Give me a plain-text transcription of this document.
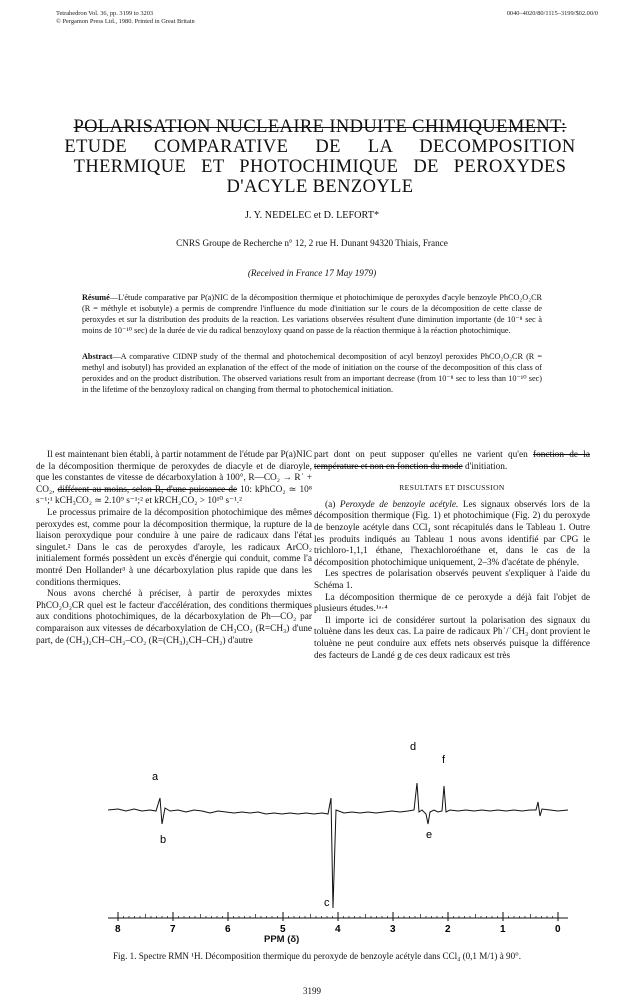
Tetrahedron Vol. 36, pp. 3199 to 3203
© Pergamon Press Ltd., 1980. Printed in Great Britain
0040–4020/80/1115–3199/$02.00/0
POLARISATION NUCLEAIRE INDUITE CHIMIQUEMENT:
ETUDE COMPARATIVE DE LA DECOMPOSITION
THERMIQUE ET PHOTOCHIMIQUE DE PEROXYDES
D'ACYLE BENZOYLE
J. Y. NEDELEC et D. LEFORT*
CNRS Groupe de Recherche n° 12, 2 rue H. Dunant 94320 Thiais, France
(Received in France 17 May 1979)
Résumé—L'étude comparative par P(a)NIC de la décomposition thermique et photochimique de peroxydes d'acyle benzoyle PhCO₂O₂CR (R = méthyle et isobutyle) a permis de comprendre l'influence du mode d'initiation sur le cours de la décomposition de cette classe de peroxydes et sur la distribution des produits de la reaction. Les variations observées résultent d'une diminution importante (de 10⁻⁸ sec à moins de 10⁻¹⁰ sec) de la durée de vie du radical benzoyloxy quand on passe de la réaction thermique à la réaction photochimique.
Abstract—A comparative CIDNP study of the thermal and photochemical decomposition of acyl benzoyl peroxides PhCO₂O₂CR (R = methyl and isobutyl) has provided an explanation of the effect of the mode of initiation on the course of the decomposition of this class of peroxides and on the product distribution. The observed variations result from an important decrease (from 10⁻⁸ sec to less than 10⁻¹⁰ sec) in the lifetime of the benzoyloxy radical on changing from thermal to photochemical initiation.

Il est maintenant bien établi, à partir notamment de l'étude par P(a)NIC de la décomposition thermique de peroxydes de diacyle et de diaroyle, que les constantes de vitesse de décarboxylation à 100°, R—CO₂ → R˙ + CO₂, différent au moins, selon R, d'une puissance de 10: kPhCO₂ ≃ 10⁸ s⁻¹;¹ kCH₃CO₂ ≃ 2.10⁹ s⁻¹;² et kRCH₂CO₂ > 10¹⁰ s⁻¹.²

Le processus primaire de la décomposition photochimique des mêmes peroxydes est, comme pour la décomposition thermique, la rupture de la liaison peroxydique pour conduire à une paire de radicaux dans l'état singulet.² Dans le cas de peroxydes d'aroyle, les radicaux ArCO₂ initialement formés possèdent un excès d'énergie qui conduit, comme l'a montré Den Hollander³ à une décarboxylation plus rapide que dans les conditions thermiques.

Nous avons cherché à préciser, à partir de peroxydes mixtes PhCO₂O₂CR quel est le facteur d'accélération, des conditions thermiques aux conditions photochimiques, de la décarboxylation de Ph—CO₂ par comparaison aux vitesses de décarboxylation de CH₃CO₂ (R=CH₃) d'une part, de (CH₃)₂CH–CH₂–CO₂ (R=(CH₃)₂CH–CH₂) d'autre

part dont on peut supposer qu'elles ne varient qu'en fonction de la température et non en fonction du mode d'initiation.

RESULTATS ET DISCUSSION

(a) Peroxyde de benzoyle acétyle. Les signaux observés lors de la décomposition thermique (Fig. 1) et photochimique (Fig. 2) du peroxyde de benzoyle acétyle dans CCl₄ sont récapitulés dans le Tableau 1. Outre les produits indiqués au Tableau 1 nous avons identifié par CPG le trichloro-1,1,1 éthane, l'hexachloroéthane et, dans le cas de la décomposition photochimique uniquement, 2–3% d'acétate de phényle.

Les spectres de polarisation observés peuvent s'expliquer à l'aide du Schéma 1.

La décomposition thermique de ce peroxyde a déjà fait l'objet de plusieurs études.¹ᵃ·⁴

Il importe ici de considérer surtout la polarisation des signaux du toluène dans les deux cas. La paire de radicaux Ph˙/˙CH₃ dont provient le toluène ne peut conduire aux effets nets observés puisque la différence des facteurs de Landé g de ces deux radicaux est très

a
b
c
d
e
f
8	7	6	5	4	3	2	1	0
PPM (δ)
Fig. 1. Spectre RMN ¹H. Décomposition thermique du peroxyde de benzoyle acétyle dans CCl₄ (0,1 M/1) à 90°.
3199
